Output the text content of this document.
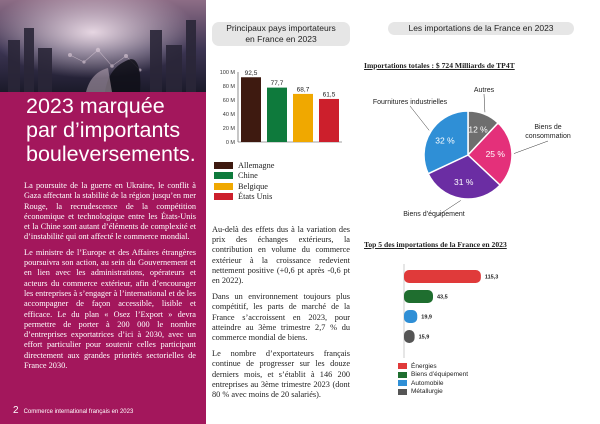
2023 marquée
par d’importants
bouleversements.

La poursuite de la guerre en Ukraine, le conflit à Gaza affectant la stabilité de la région jusqu’en mer Rouge, la recrudescence de la compétition économique et technologique entre les États-Unis et la Chine sont autant d’éléments de complexité et d’instabilité qui ont affecté le commerce mondial.

Le ministre de l’Europe et des Affaires étrangères poursuivra son action, au sein du Gouvernement et en lien avec les administrations, opérateurs et acteurs du commerce extérieur, afin d’encourager les entreprises à s’engager à l’international et de les accompagner de façon accessible, lisible et efficace. Le du plan « Osez l’Export » devra permettre de porter à 200 000 le nombre d’entreprises exportatrices d’ici à 2030, avec un effort particulier pour soutenir celles participant directement aux grandes priorités sectorielles de France 2030.

2 Commerce international français en 2023
Principaux pays importateurs
en France en 2023
0 M
20 M
40 M
60 M
80 M
100 M 92,5
77,7
68,7
61,5
Allemagne
Chine
Belgique
États Unis

Au-delà des effets dus à la variation des prix des échanges extérieurs, la contribution en volume du commerce extérieur à la croissance redevient nettement positive (+0,6 pt après -0,6 pt en 2022).

Dans un environnement toujours plus compétitif, les parts de marché de la France s’accroissent en 2023, pour atteindre au 3ème trimestre 2,7 % du commerce mondial de biens.

Le nombre d’exportateurs français continue de progresser sur les douze derniers mois, et s’établit à 146 200 entreprises au 3ème trimestre 2023 (dont 80 % avec moins de 20 salariés).

Les importations de la France en 2023
Importations totales : $ 724 Milliards de TP4T
12 %
25 %
31 %
32 %
Autres
Biens de consommation
Biens d’équipement
Fournitures industrielles
Top 5 des importations de la France en 2023
115,3
43,5
19,9
15,9
Énergies
Biens d’équipement
Automobile
Métallurgie
